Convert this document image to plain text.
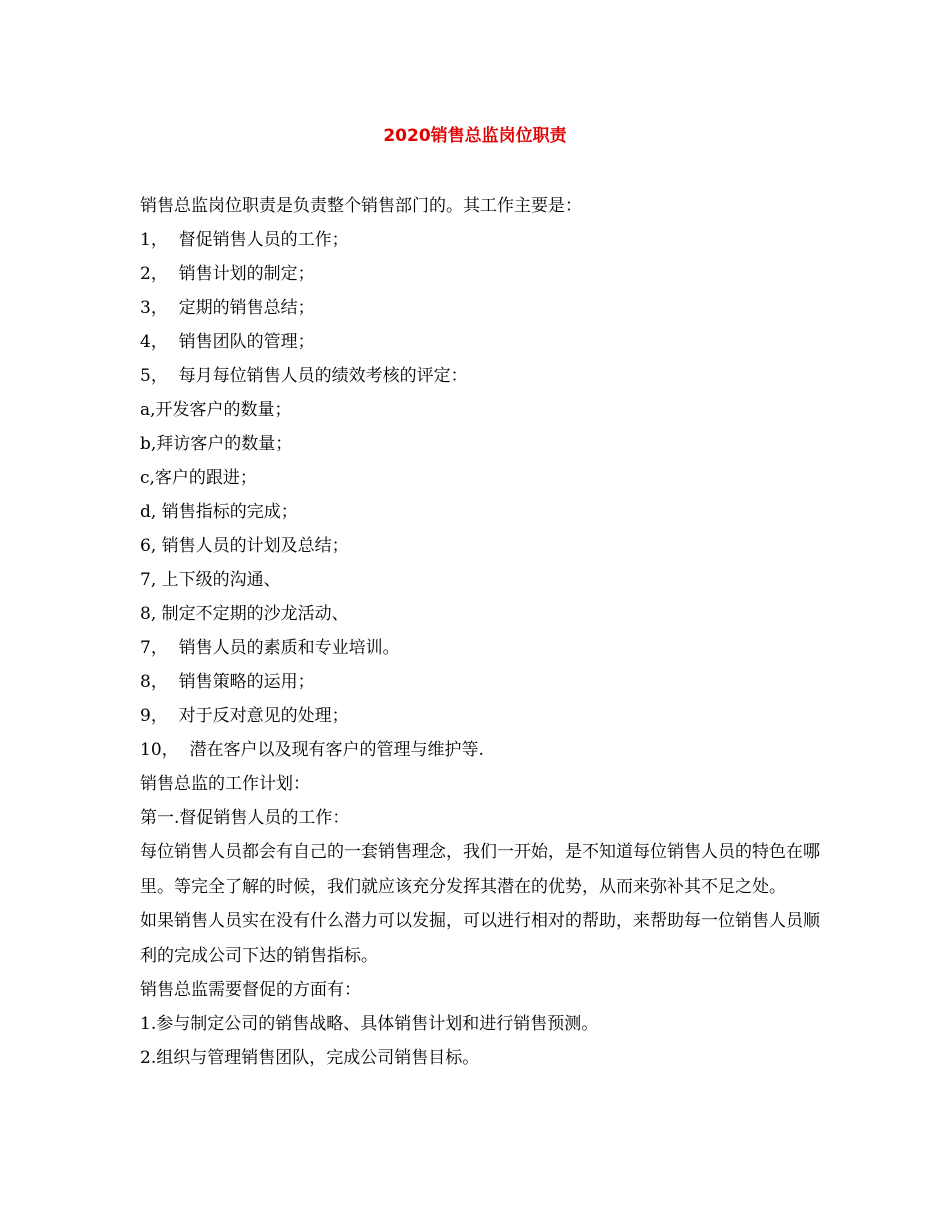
2020销售总监岗位职责

销售总监岗位职责是负责整个销售部门的。其工作主要是：

1，  督促销售人员的工作；

2，  销售计划的制定；

3，  定期的销售总结；

4，  销售团队的管理；

5，  每月每位销售人员的绩效考核的评定：

a,开发客户的数量；

b,拜访客户的数量；

c,客户的跟进；

d, 销售指标的完成；

6, 销售人员的计划及总结；

7, 上下级的沟通、

8, 制定不定期的沙龙活动、

7，  销售人员的素质和专业培训。

8，  销售策略的运用；

9，  对于反对意见的处理；

10，  潜在客户以及现有客户的管理与维护等.

销售总监的工作计划：

第一.督促销售人员的工作：

每位销售人员都会有自己的一套销售理念，我们一开始，是不知道每位销售人员的特色在哪里。等完全了解的时候，我们就应该充分发挥其潜在的优势，从而来弥补其不足之处。

如果销售人员实在没有什么潜力可以发掘，可以进行相对的帮助，来帮助每一位销售人员顺利的完成公司下达的销售指标。

销售总监需要督促的方面有：

1.参与制定公司的销售战略、具体销售计划和进行销售预测。

2.组织与管理销售团队，完成公司销售目标。
